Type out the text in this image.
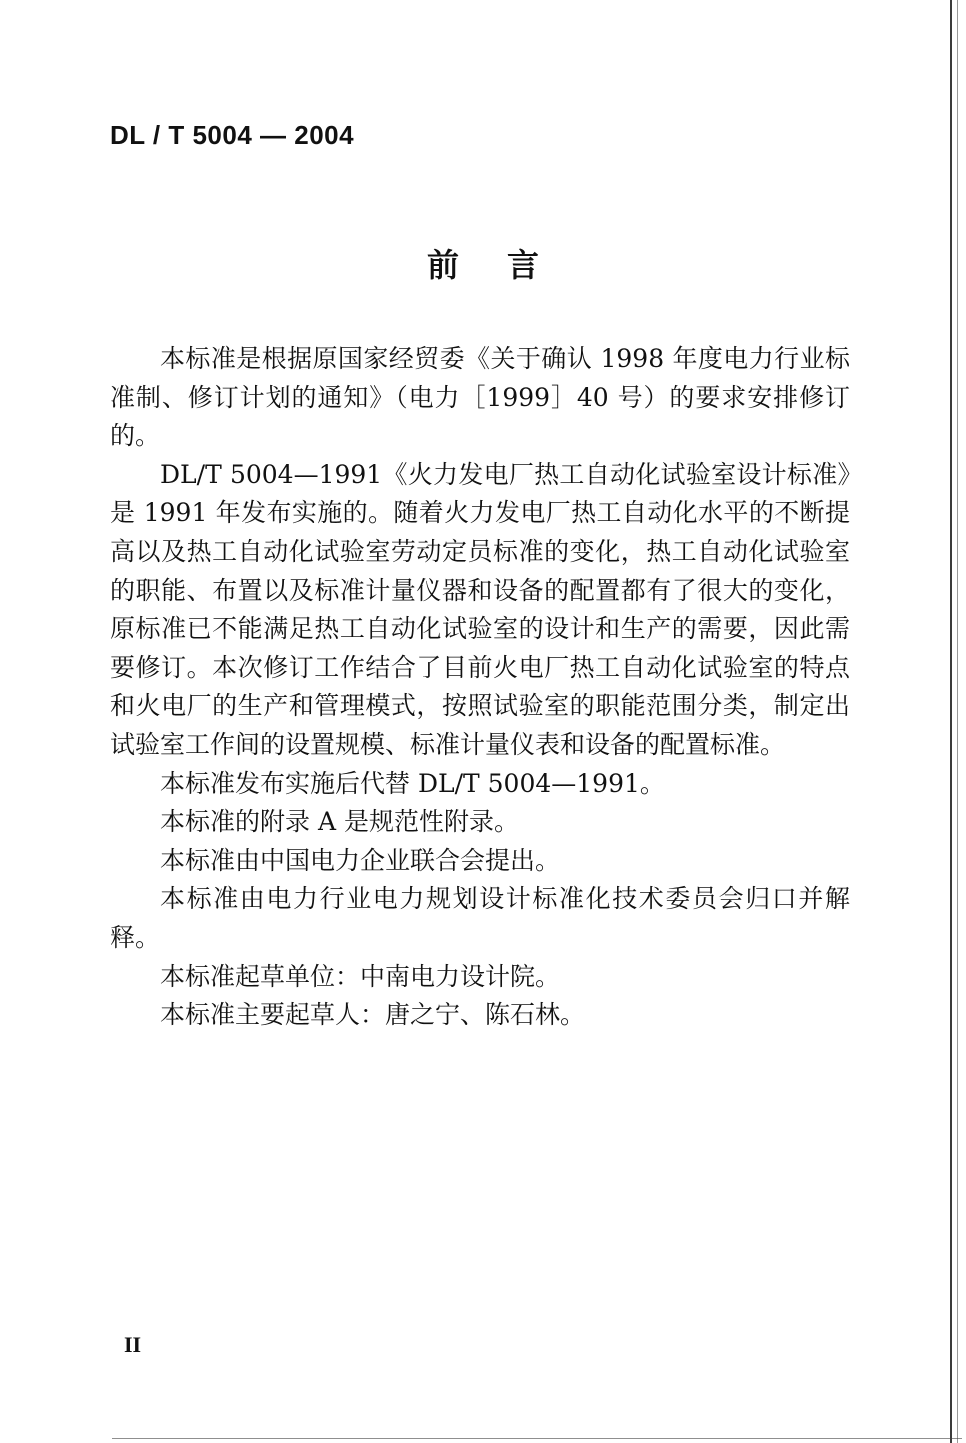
DL / T 5004 — 2004
前言

本标准是根据原国家经贸委《关于确认 1998 年度电力行业标准制、修订计划的通知》（电力［1999］40 号）的要求安排修订的。

DL/T 5004—1991《火力发电厂热工自动化试验室设计标准》是 1991 年发布实施的。随着火力发电厂热工自动化水平的不断提高以及热工自动化试验室劳动定员标准的变化，热工自动化试验室的职能、布置以及标准计量仪器和设备的配置都有了很大的变化，原标准已不能满足热工自动化试验室的设计和生产的需要，因此需要修订。本次修订工作结合了目前火电厂热工自动化试验室的特点和火电厂的生产和管理模式，按照试验室的职能范围分类，制定出试验室工作间的设置规模、标准计量仪表和设备的配置标准。

本标准发布实施后代替 DL/T 5004—1991。

本标准的附录 A 是规范性附录。

本标准由中国电力企业联合会提出。

本标准由电力行业电力规划设计标准化技术委员会归口并解释。

本标准起草单位：中南电力设计院。

本标准主要起草人：唐之宁、陈石林。

II
